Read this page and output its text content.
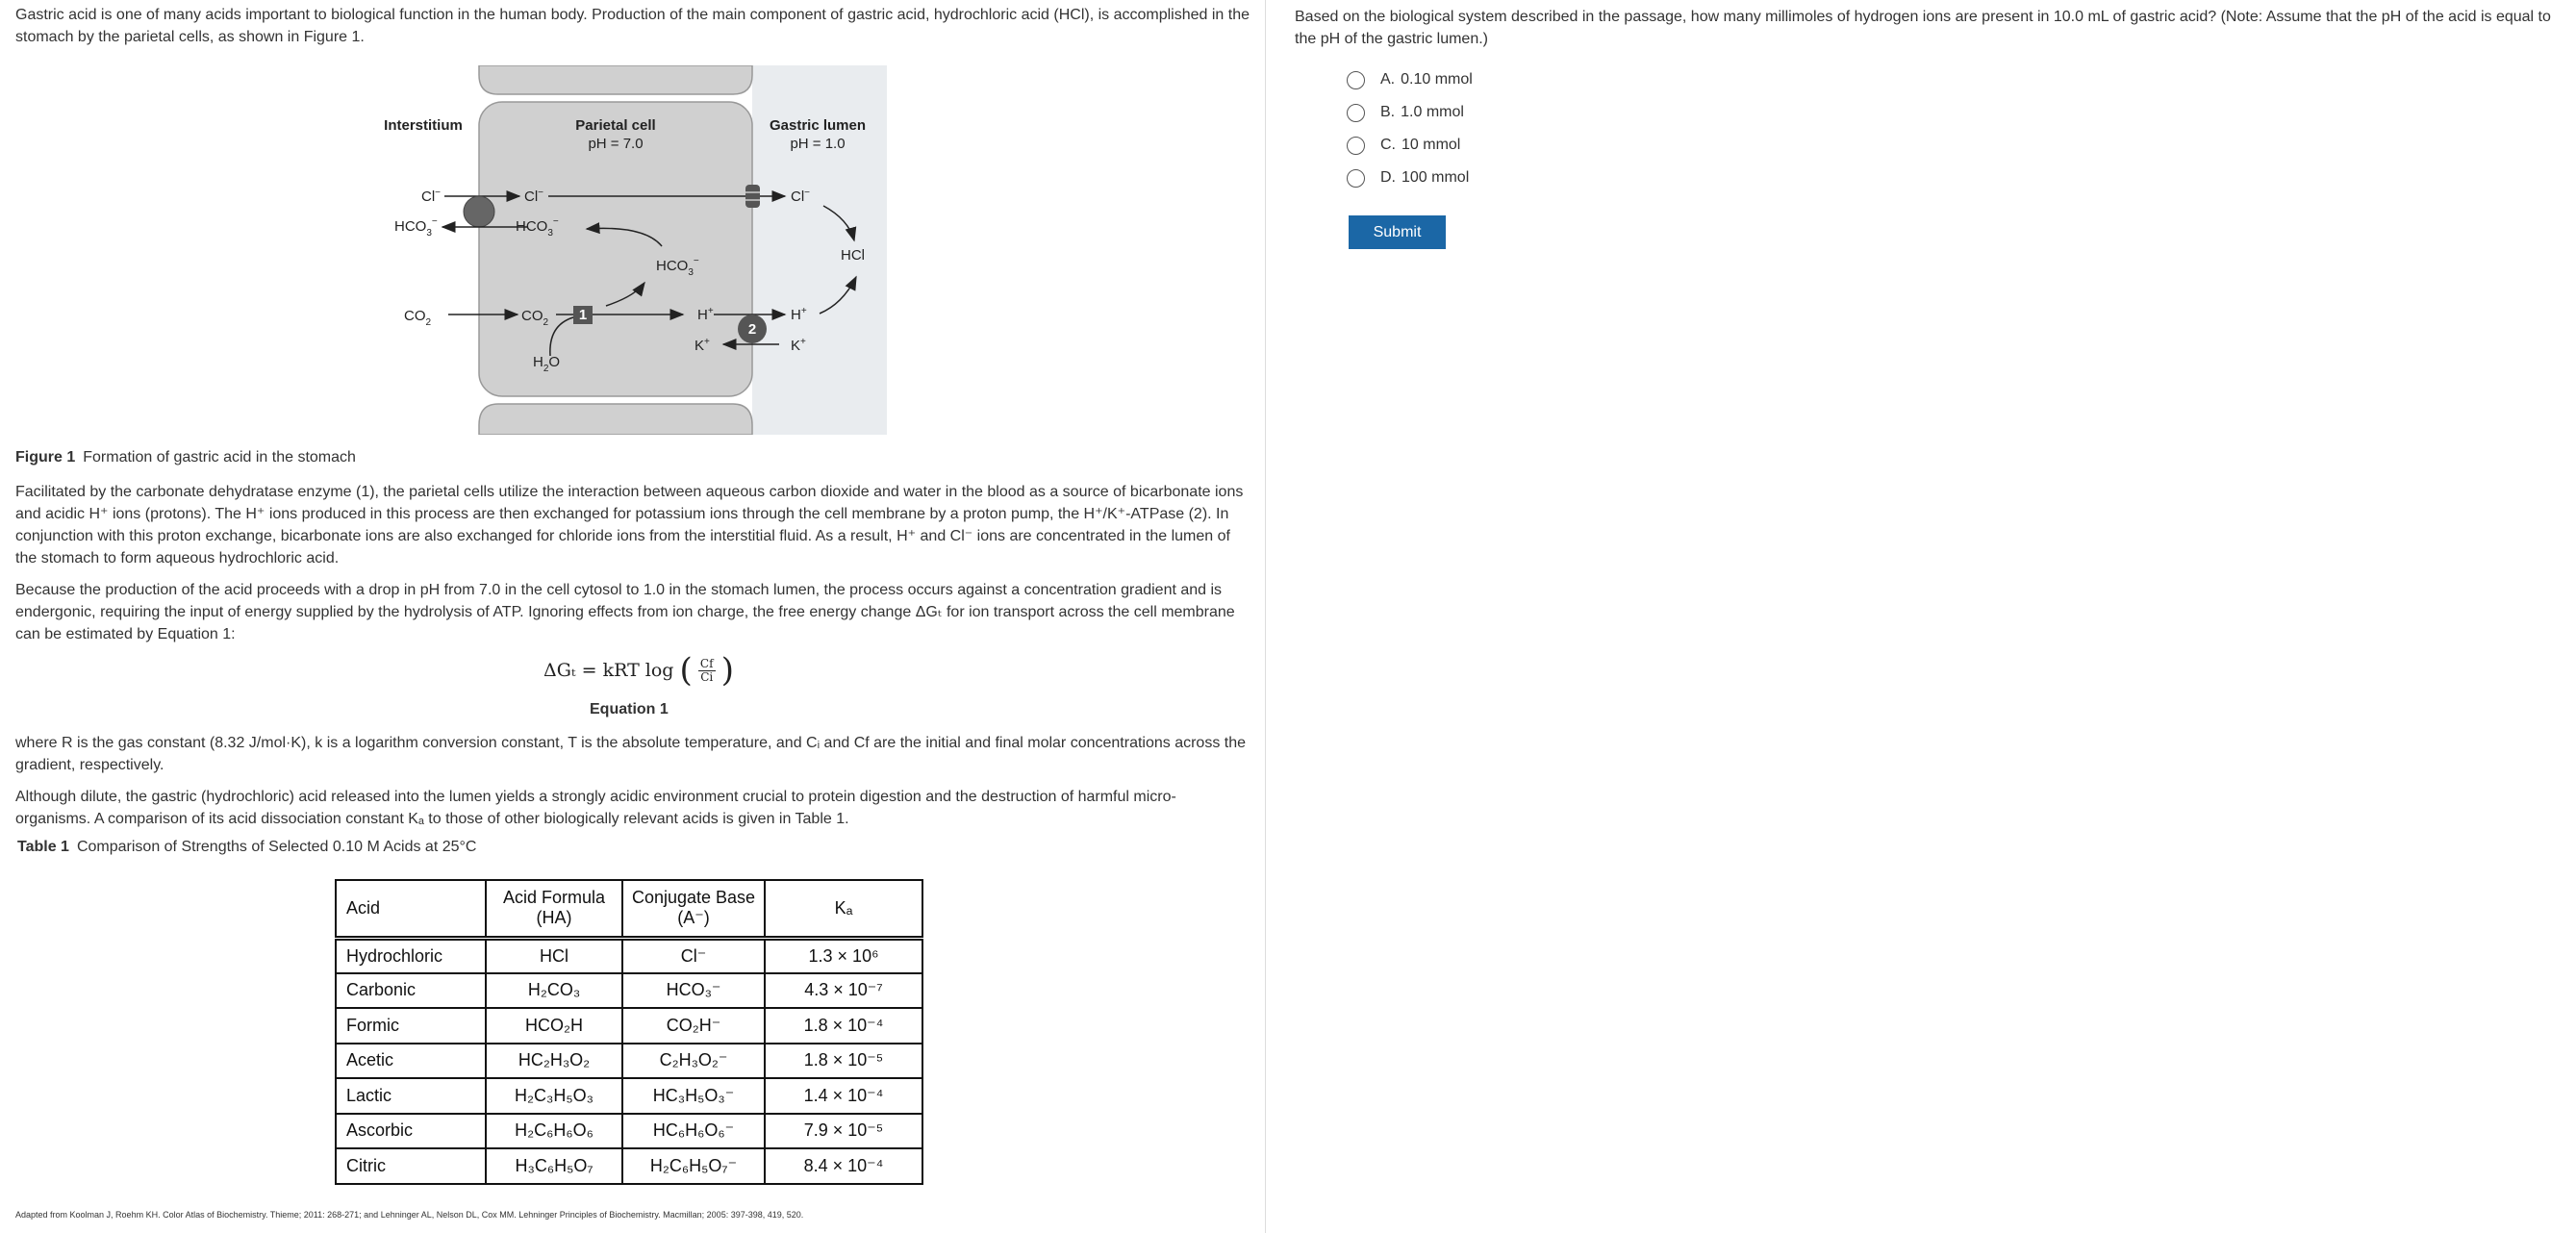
Gastric acid is one of many acids important to biological function in the human body. Production of the main component of gastric acid, hydrochloric acid (HCl), is accomplished in the stomach by the parietal cells, as shown in Figure 1.

Interstitium	Parietal cell
pH = 7.0
Gastric lumen
pH = 1.0
Cl−	Cl−	Cl−
$HCO_3^-$	$HCO_3^-$
$HCO_3^-$	HCl
$CO_2$	$CO_2$ 1
$H_2O$
H+	H+
2
K+	K+
Figure 1 Formation of gastric acid in the stomach

Facilitated by the carbonate dehydratase enzyme (1), the parietal cells utilize the interaction between aqueous carbon dioxide and water in the blood as a source of bicarbonate ions and acidic H⁺ ions (protons). The H⁺ ions produced in this process are then exchanged for potassium ions through the cell membrane by a proton pump, the H⁺/K⁺-ATPase (2). In conjunction with this proton exchange, bicarbonate ions are also exchanged for chloride ions from the interstitial fluid. As a result, H⁺ and Cl⁻ ions are concentrated in the lumen of the stomach to form aqueous hydrochloric acid.

Because the production of the acid proceeds with a drop in pH from 7.0 in the cell cytosol to 1.0 in the stomach lumen, the process occurs against a concentration gradient and is endergonic, requiring the input of energy supplied by the hydrolysis of ATP. Ignoring effects from ion charge, the free energy change ΔGₜ for ion transport across the cell membrane can be estimated by Equation 1:

ΔGₜ = kRT log ( $\frac{Cf}{Ci}$ )
Equation 1

where R is the gas constant (8.32 J/mol·K), k is a logarithm conversion constant, T is the absolute temperature, and Cᵢ and Cf are the initial and final molar concentrations across the gradient, respectively.

Although dilute, the gastric (hydrochloric) acid released into the lumen yields a strongly acidic environment crucial to protein digestion and the destruction of harmful micro-organisms. A comparison of its acid dissociation constant Kₐ to those of other biologically relevant acids is given in Table 1.

Table 1 Comparison of Strengths of Selected 0.10 M Acids at 25°C
Acid	Acid Formula (HA)	Conjugate Base (A⁻)	Kₐ
Hydrochloric	HCl	Cl⁻	1.3 × 10⁶
Carbonic	H₂CO₃	HCO₃⁻	4.3 × 10⁻⁷
Formic	HCO₂H	CO₂H⁻	1.8 × 10⁻⁴
Acetic	HC₂H₃O₂	C₂H₃O₂⁻	1.8 × 10⁻⁵
Lactic	H₂C₃H₅O₃	HC₃H₅O₃⁻	1.4 × 10⁻⁴
Ascorbic	H₂C₆H₆O₆	HC₆H₆O₆⁻	7.9 × 10⁻⁵
Citric	H₃C₆H₅O₇	H₂C₆H₅O₇⁻	8.4 × 10⁻⁴
Adapted from Koolman J, Roehm KH. Color Atlas of Biochemistry. Thieme; 2011: 268-271; and Lehninger AL, Nelson DL, Cox MM. Lehninger Principles of Biochemistry. Macmillan; 2005: 397-398, 419, 520.

Based on the biological system described in the passage, how many millimoles of hydrogen ions are present in 10.0 mL of gastric acid? (Note: Assume that the pH of the acid is equal to the pH of the gastric lumen.)

A. 0.10 mmol
B. 1.0 mmol
C. 10 mmol
D. 100 mmol
Submit
